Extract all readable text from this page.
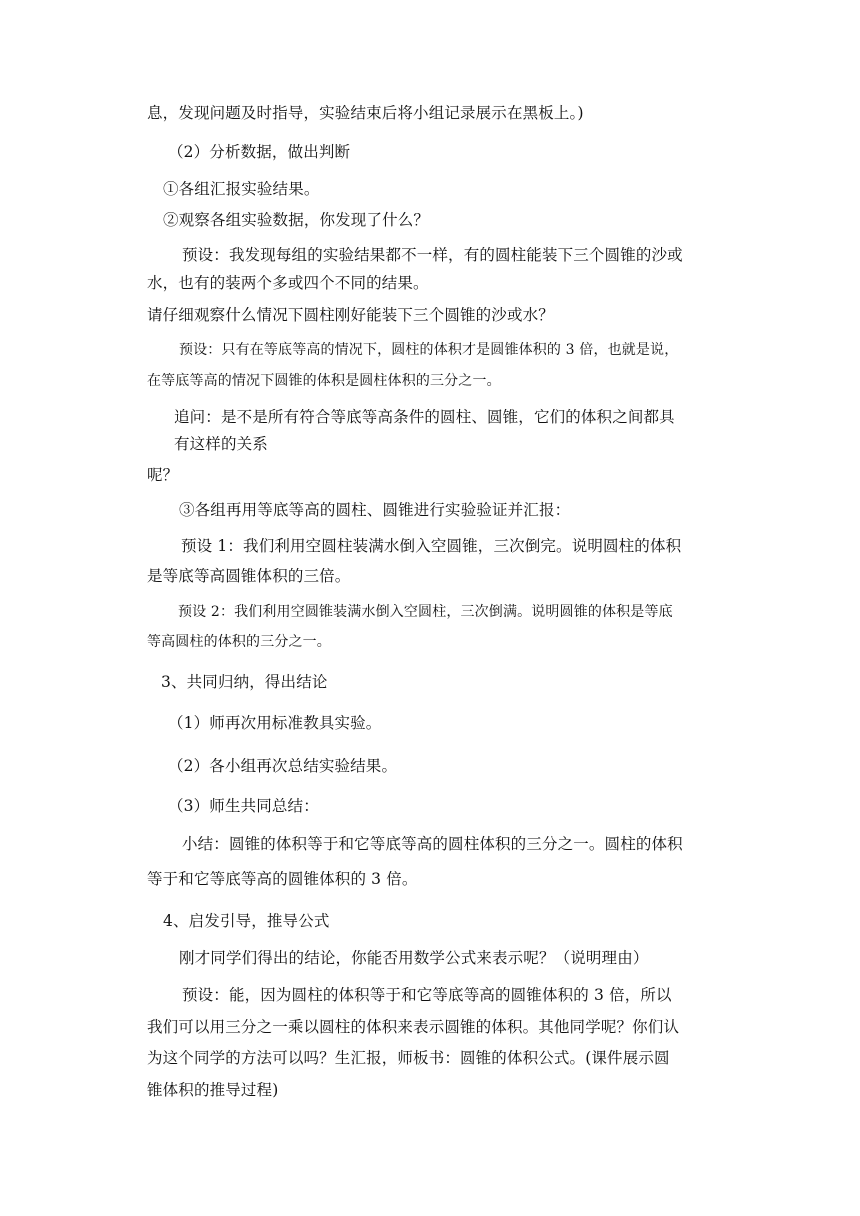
息，发现问题及时指导，实验结束后将小组记录展示在黑板上。)
（2）分析数据，做出判断
①各组汇报实验结果。
②观察各组实验数据，你发现了什么？
预设：我发现每组的实验结果都不一样，有的圆柱能装下三个圆锥的沙或
水，也有的装两个多或四个不同的结果。
请仔细观察什么情况下圆柱刚好能装下三个圆锥的沙或水？
预设：只有在等底等高的情况下，圆柱的体积才是圆锥体积的 3 倍，也就是说，
在等底等高的情况下圆锥的体积是圆柱体积的三分之一。
追问：是不是所有符合等底等高条件的圆柱、圆锥，它们的体积之间都具
有这样的关系
呢？
③各组再用等底等高的圆柱、圆锥进行实验验证并汇报：
预设 1：我们利用空圆柱装满水倒入空圆锥，三次倒完。说明圆柱的体积
是等底等高圆锥体积的三倍。
预设 2：我们利用空圆锥装满水倒入空圆柱，三次倒满。说明圆锥的体积是等底
等高圆柱的体积的三分之一。
3、共同归纳，得出结论
（1）师再次用标准教具实验。
（2）各小组再次总结实验结果。
（3）师生共同总结：
小结：圆锥的体积等于和它等底等高的圆柱体积的三分之一。圆柱的体积
等于和它等底等高的圆锥体积的 3 倍。
4、启发引导，推导公式
刚才同学们得出的结论，你能否用数学公式来表示呢？（说明理由）
预设：能，因为圆柱的体积等于和它等底等高的圆锥体积的 3 倍，所以
我们可以用三分之一乘以圆柱的体积来表示圆锥的体积。其他同学呢？你们认
为这个同学的方法可以吗？生汇报，师板书：圆锥的体积公式。(课件展示圆
锥体积的推导过程)
